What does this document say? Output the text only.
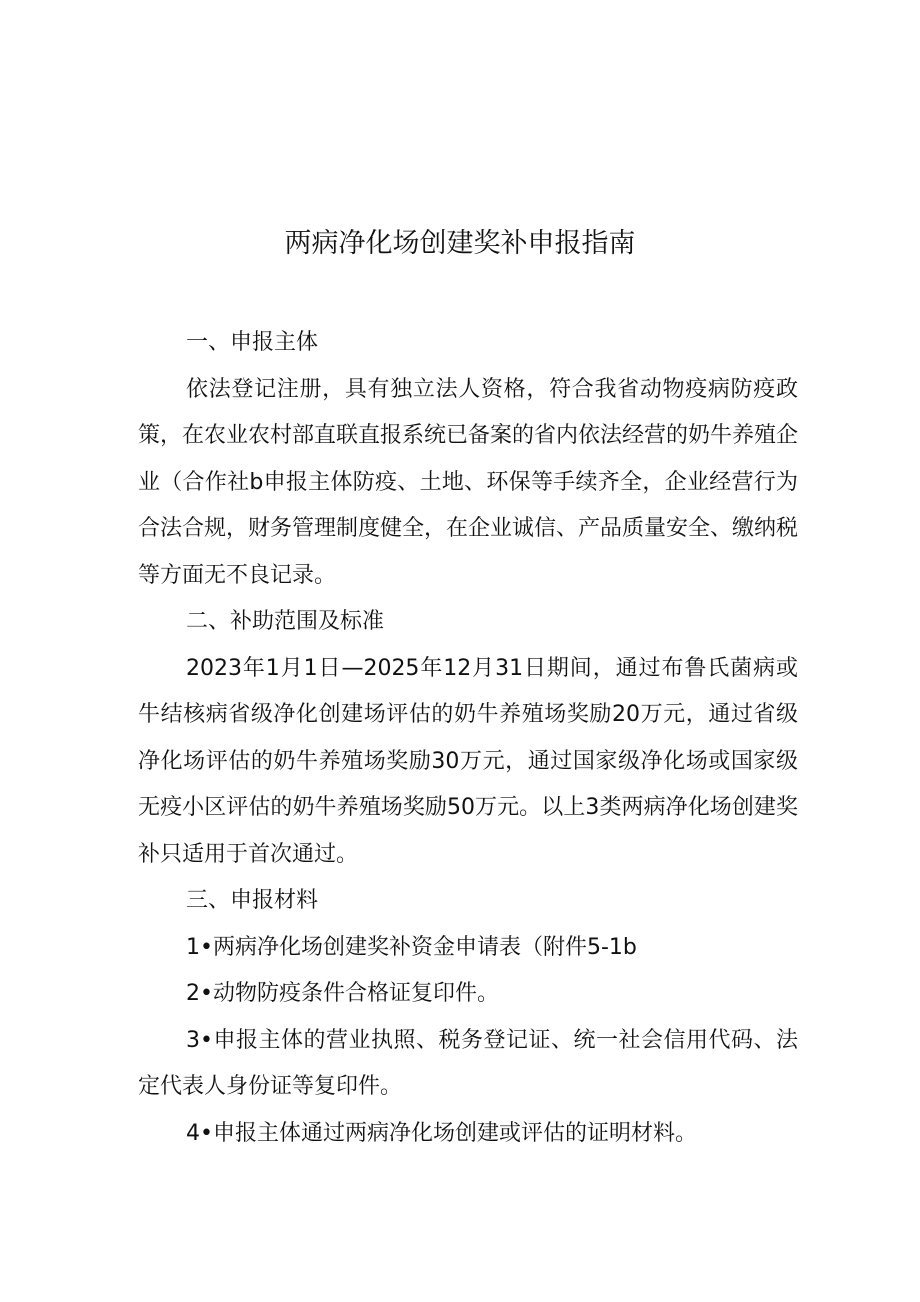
两病净化场创建奖补申报指南

一、申报主体

依法登记注册，具有独立法人资格，符合我省动物疫病防疫政策，在农业农村部直联直报系统已备案的省内依法经营的奶牛养殖企业（合作社b申报主体防疫、土地、环保等手续齐全，企业经营行为合法合规，财务管理制度健全，在企业诚信、产品质量安全、缴纳税等方面无不良记录。

二、补助范围及标准

2023年1月1日—2025年12月31日期间，通过布鲁氏菌病或牛结核病省级净化创建场评估的奶牛养殖场奖励20万元，通过省级净化场评估的奶牛养殖场奖励30万元，通过国家级净化场或国家级无疫小区评估的奶牛养殖场奖励50万元。以上3类两病净化场创建奖补只适用于首次通过。

三、申报材料

1•两病净化场创建奖补资金申请表（附件5-1b

2•动物防疫条件合格证复印件。

3•申报主体的营业执照、税务登记证、统一社会信用代码、法定代表人身份证等复印件。

4•申报主体通过两病净化场创建或评估的证明材料。
